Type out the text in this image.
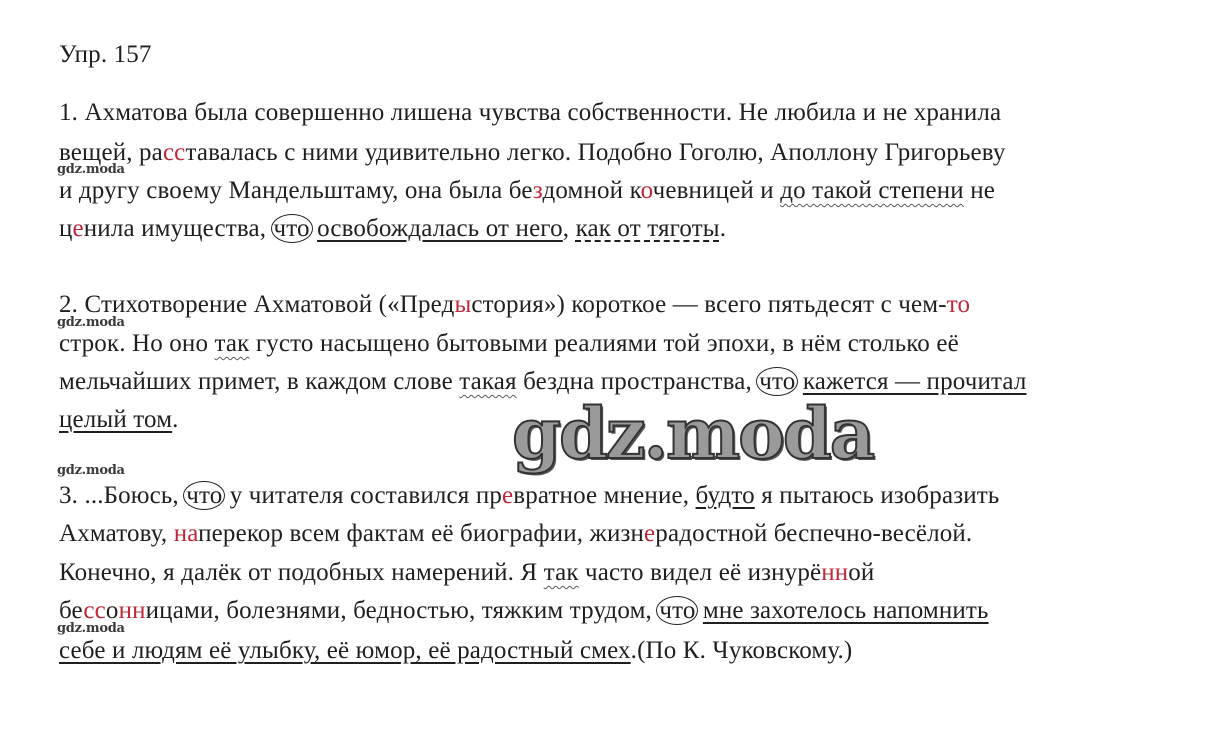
Упр. 157
1. Ахматова была совершенно лишена чувства собственности. Не любила и не хранила
вещей, расставалась с ними удивительно легко. Подобно Гоголю, Аполлону Григорьеву
и другу своему Мандельштаму, она была бездомной кочевницей и до такой степени не
ценила имущества, что освобождалась от него, как от тяготы.
2. Стихотворение Ахматовой («Предыстория») короткое — всего пятьдесят с чем-то
строк. Но оно так густо насыщено бытовыми реалиями той эпохи, в нём столько её
мельчайших примет, в каждом слове такая бездна пространства, что кажется — прочитал
целый том.
3. ...Боюсь, что у читателя составился превратное мнение, будто я пытаюсь изобразить
Ахматову, наперекор всем фактам её биографии, жизнерадостной беспечно-весёлой.
Конечно, я далёк от подобных намерений. Я так часто видел её изнурённой
бессонницами, болезнями, бедностью, тяжким трудом, что мне захотелось напомнить
себе и людям её улыбку, её юмор, её радостный смех.(По К. Чуковскому.)
gdz.moda
gdz.moda
gdz.moda
gdz.moda
gdz.moda
